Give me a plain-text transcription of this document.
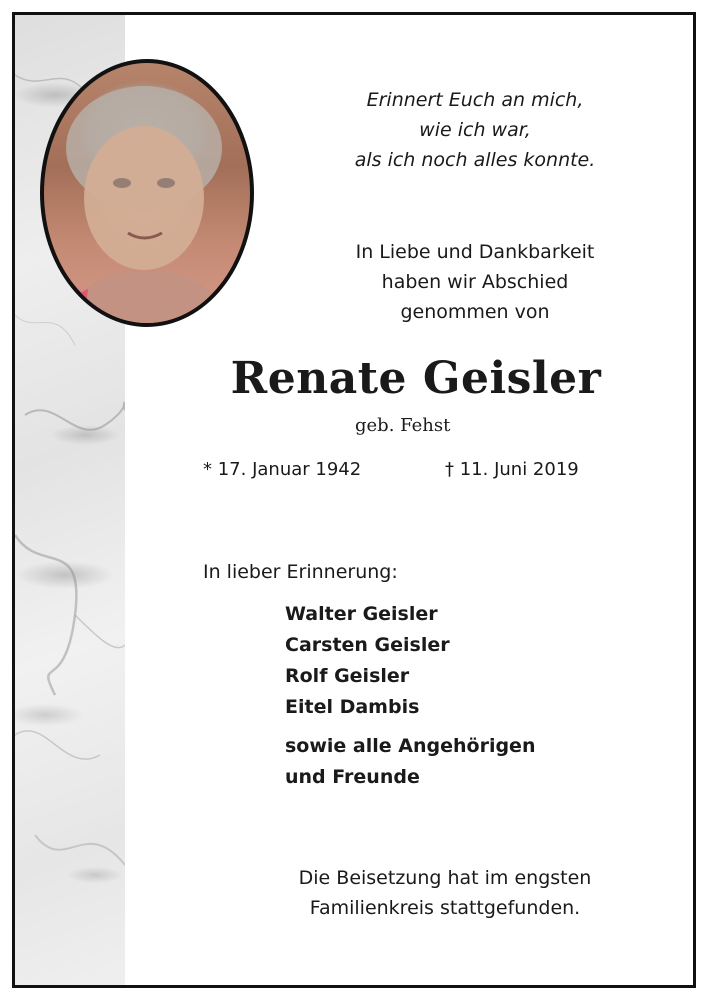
Erinnert Euch an mich,

wie ich war,

als ich noch alles konnte.

In Liebe und Dankbarkeit

haben wir Abschied

genommen von

Renate Geisler

geb. Fehst

* 17. Januar 1942	† 11. Juni 2019

In lieber Erinnerung:

Walter Geisler

Carsten Geisler

Rolf Geisler

Eitel Dambis

sowie alle Angehörigen

und Freunde

Die Beisetzung hat im engsten

Familienkreis stattgefunden.
